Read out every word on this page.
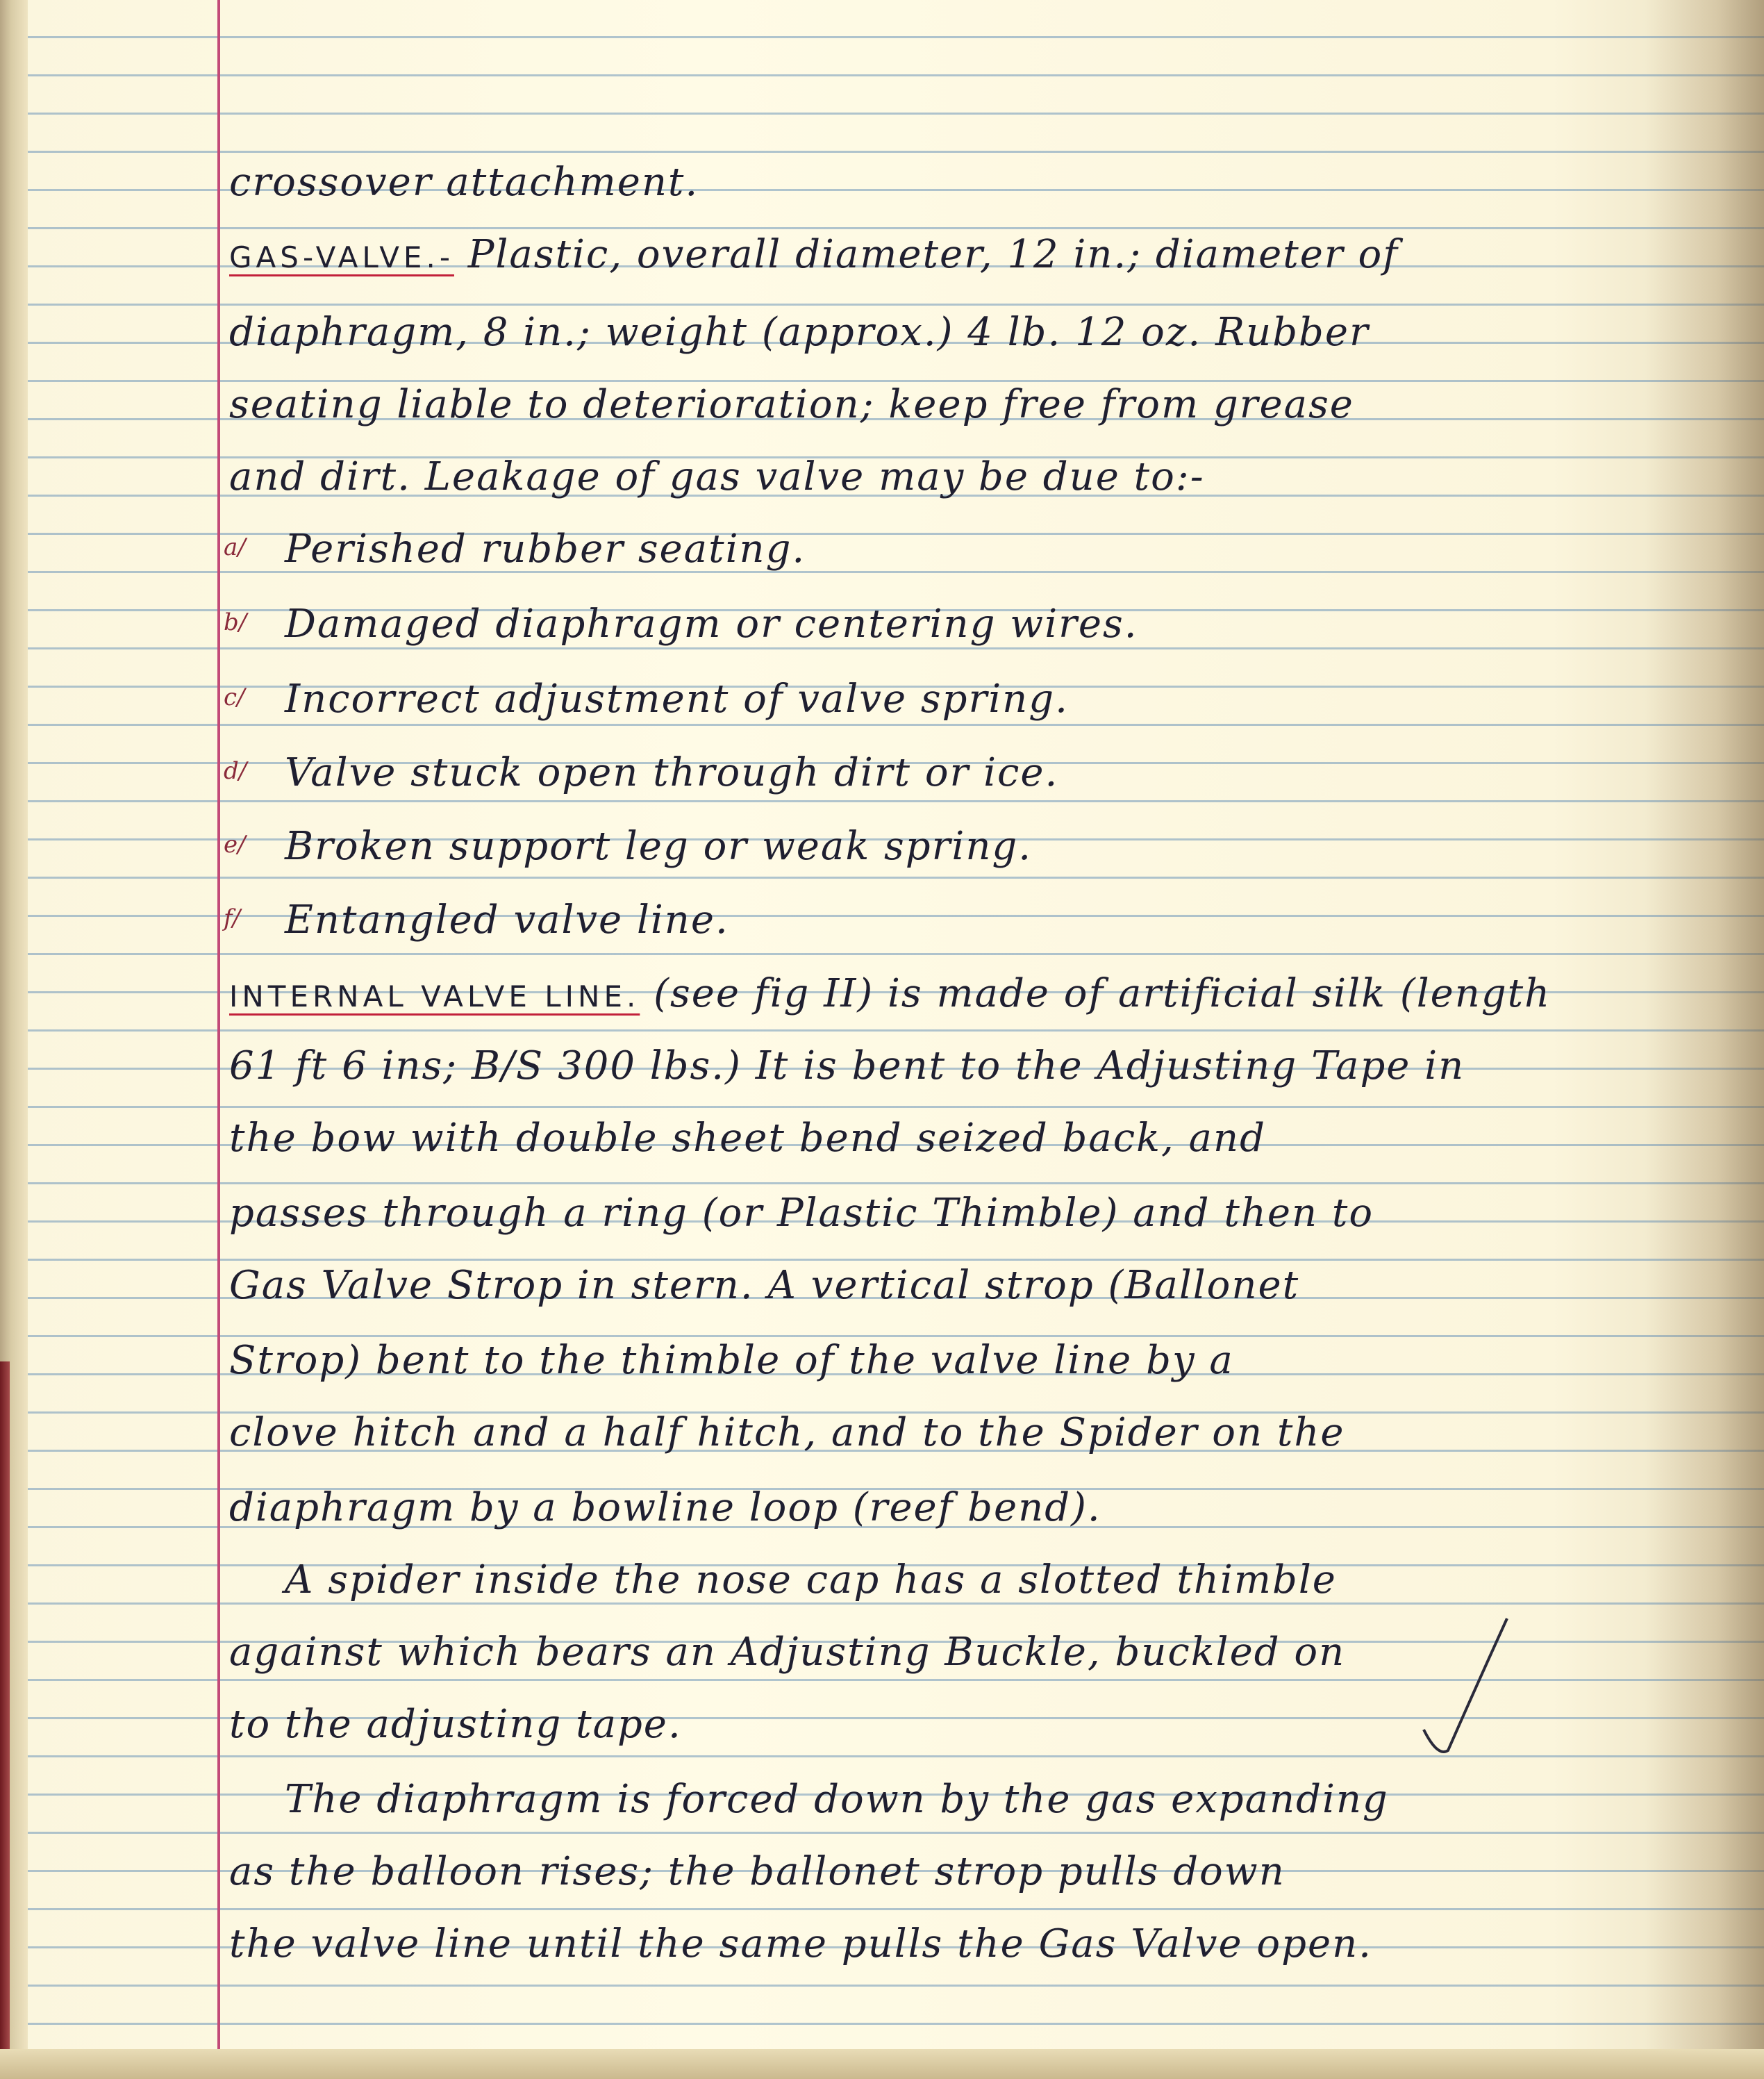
crossover attachment.
GAS-VALVE.- Plastic, overall diameter, 12 in.; diameter of
diaphragm, 8 in.; weight (approx.) 4 lb. 12 oz. Rubber
seating liable to deterioration; keep free from grease
and dirt. Leakage of gas valve may be due to:-
a/ Perished rubber seating.
b/ Damaged diaphragm or centering wires.
c/ Incorrect adjustment of valve spring.
d/ Valve stuck open through dirt or ice.
e/ Broken support leg or weak spring.
f/ Entangled valve line.
INTERNAL VALVE LINE. (see fig II) is made of artificial silk (length
61 ft 6 ins; B/S 300 lbs.) It is bent to the Adjusting Tape in
the bow with double sheet bend seized back, and
passes through a ring (or Plastic Thimble) and then to
Gas Valve Strop in stern. A vertical strop (Ballonet
Strop) bent to the thimble of the valve line by a
clove hitch and a half hitch, and to the Spider on the
diaphragm by a bowline loop (reef bend).
A spider inside the nose cap has a slotted thimble
against which bears an Adjusting Buckle, buckled on
to the adjusting tape.
The diaphragm is forced down by the gas expanding
as the balloon rises; the ballonet strop pulls down
the valve line until the same pulls the Gas Valve open.
